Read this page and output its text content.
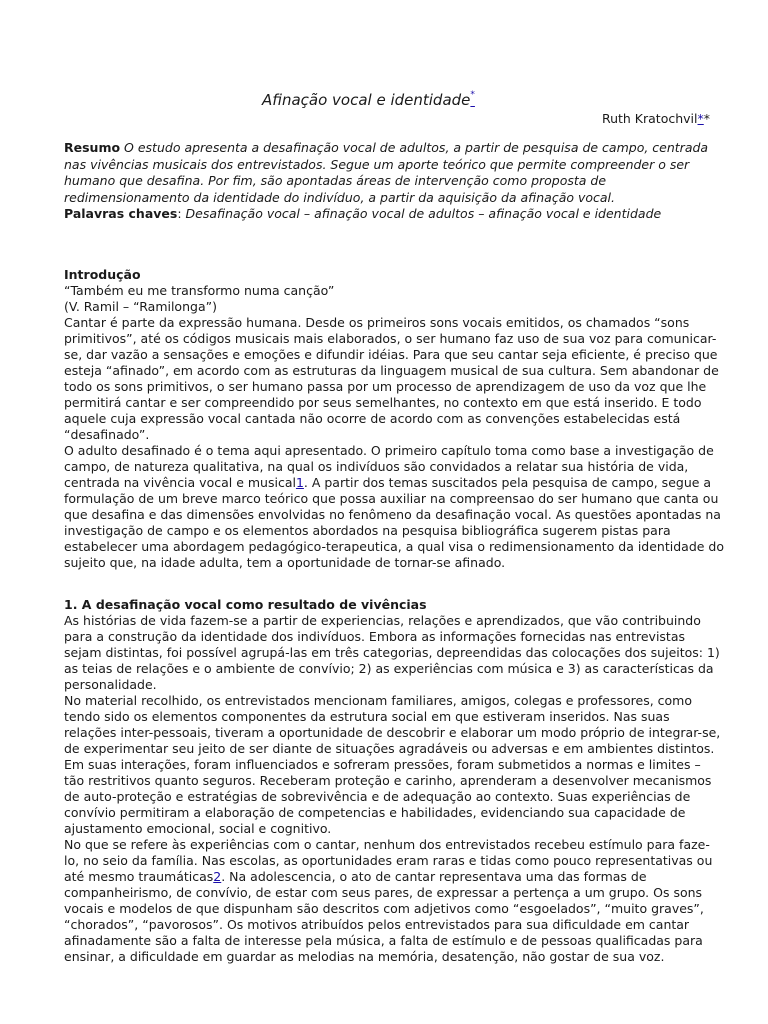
Afinação vocal e identidade*
Ruth Kratochvil**
Resumo O estudo apresenta a desafinação vocal de adultos, a partir de pesquisa de campo, centrada nas vivências musicais dos entrevistados. Segue um aporte teórico que permite compreender o ser humano que desafina. Por fim, são apontadas áreas de intervenção como proposta de redimensionamento da identidade do indivíduo, a partir da aquisição da afinação vocal.
Palavras chaves: Desafinação vocal – afinação vocal de adultos – afinação vocal e identidade
Introdução

“Também eu me transformo numa canção”

(V. Ramil – “Ramilonga”)

Cantar é parte da expressão humana. Desde os primeiros sons vocais emitidos, os chamados “sons primitivos”, até os códigos musicais mais elaborados, o ser humano faz uso de sua voz para comunicar-se, dar vazão a sensações e emoções e difundir idéias. Para que seu cantar seja eficiente, é preciso que esteja “afinado”, em acordo com as estruturas da linguagem musical de sua cultura. Sem abandonar de todo os sons primitivos, o ser humano passa por um processo de aprendizagem de uso da voz que lhe permitirá cantar e ser compreendido por seus semelhantes, no contexto em que está inserido. E todo aquele cuja expressão vocal cantada não ocorre de acordo com as convenções estabelecidas está “desafinado”.

O adulto desafinado é o tema aqui apresentado. O primeiro capítulo toma como base a investigação de campo, de natureza qualitativa, na qual os indivíduos são convidados a relatar sua história de vida, centrada na vivência vocal e musical1. A partir dos temas suscitados pela pesquisa de campo, segue a formulação de um breve marco teórico que possa auxiliar na compreensao do ser humano que canta ou que desafina e das dimensões envolvidas no fenômeno da desafinação vocal. As questões apontadas na investigação de campo e os elementos abordados na pesquisa bibliográfica sugerem pistas para estabelecer uma abordagem pedagógico-terapeutica, a qual visa o redimensionamento da identidade do sujeito que, na idade adulta, tem a oportunidade de tornar-se afinado.

1. A desafinação vocal como resultado de vivências

As histórias de vida fazem-se a partir de experiencias, relações e aprendizados, que vão contribuindo para a construção da identidade dos indivíduos. Embora as informações fornecidas nas entrevistas sejam distintas, foi possível agrupá-las em três categorias, depreendidas das colocações dos sujeitos: 1) as teias de relações e o ambiente de convívio; 2) as experiências com música e 3) as características da personalidade.

No material recolhido, os entrevistados mencionam familiares, amigos, colegas e professores, como tendo sido os elementos componentes da estrutura social em que estiveram inseridos. Nas suas relações inter-pessoais, tiveram a oportunidade de descobrir e elaborar um modo próprio de integrar-se, de experimentar seu jeito de ser diante de situações agradáveis ou adversas e em ambientes distintos. Em suas interações, foram influenciados e sofreram pressões, foram submetidos a normas e limites – tão restritivos quanto seguros. Receberam proteção e carinho, aprenderam a desenvolver mecanismos de auto-proteção e estratégias de sobrevivência e de adequação ao contexto. Suas experiências de convívio permitiram a elaboração de competencias e habilidades, evidenciando sua capacidade de ajustamento emocional, social e cognitivo.

No que se refere às experiências com o cantar, nenhum dos entrevistados recebeu estímulo para faze-lo, no seio da família. Nas escolas, as oportunidades eram raras e tidas como pouco representativas ou até mesmo traumáticas2. Na adolescencia, o ato de cantar representava uma das formas de companheirismo, de convívio, de estar com seus pares, de expressar a pertença a um grupo. Os sons vocais e modelos de que dispunham são descritos com adjetivos como “esgoelados”, “muito graves”, “chorados”, “pavorosos”. Os motivos atribuídos pelos entrevistados para sua dificuldade em cantar afinadamente são a falta de interesse pela música, a falta de estímulo e de pessoas qualificadas para ensinar, a dificuldade em guardar as melodias na memória, desatenção, não gostar de sua voz.
